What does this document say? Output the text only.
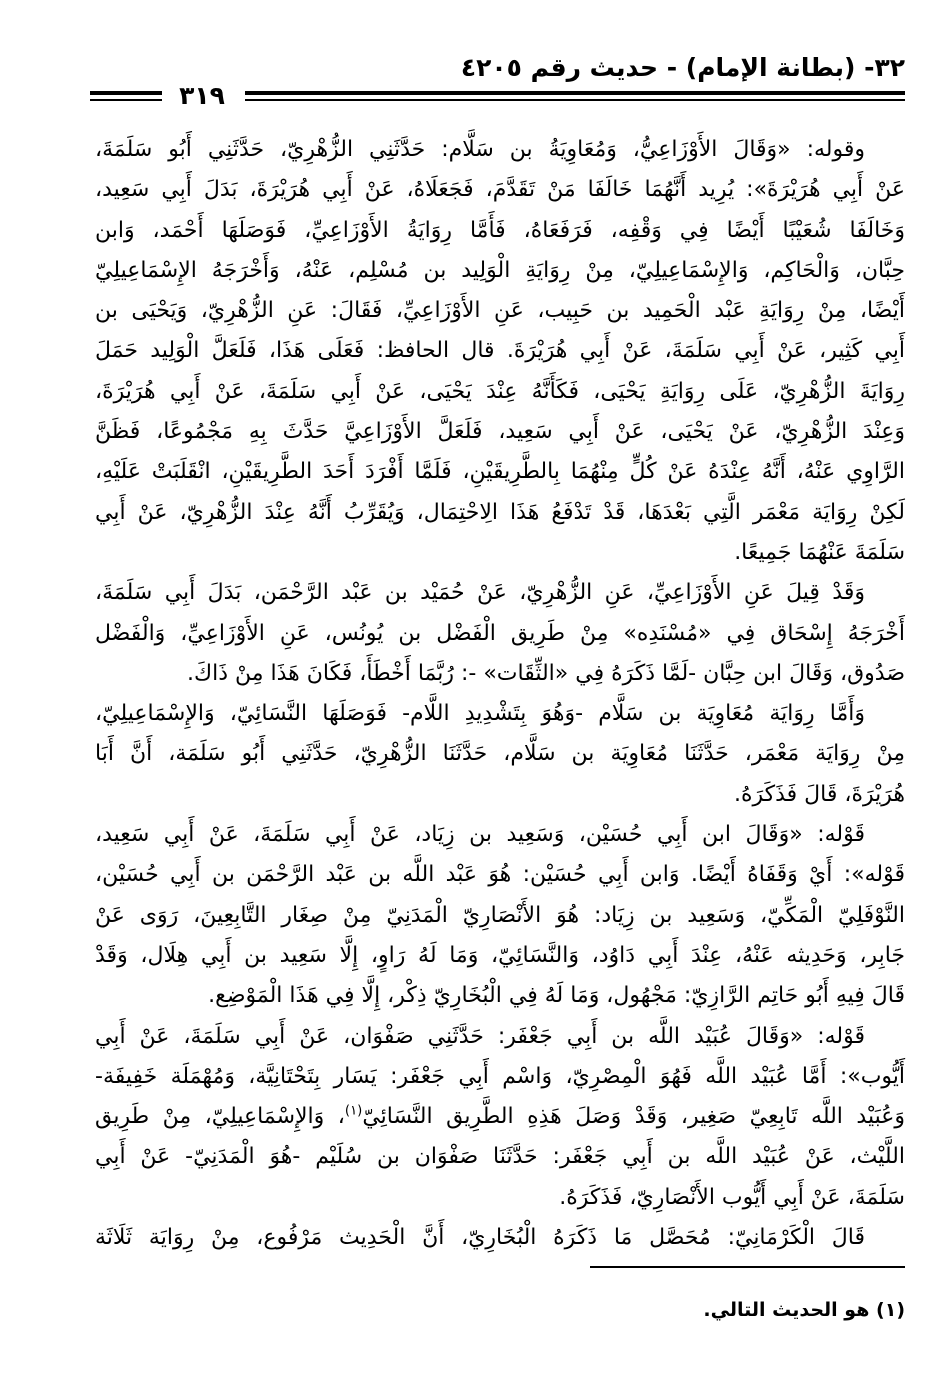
٣٢- (بطانة الإمام) - حديث رقم ٤٢٠٥
٣١٩
وقوله: «وَقَالَ الأَوْزَاعِيُّ، وَمُعَاوِيَةُ بن سَلَّام: حَدَّثَنِي الزُّهْرِيّ، حَدَّثَنِي أَبُو سَلَمَةَ،
عَنْ أَبِي هُرَيْرَةَ»: يُرِيد أَنَّهُمَا خَالَفَا مَنْ تَقَدَّمَ، فَجَعَلَاهُ، عَنْ أَبِي هُرَيْرَةَ، بَدَلَ أَبِي سَعِيد،
وَخَالَفَا شُعَيْبًا أَيْضًا فِي وَقْفِه، فَرَفَعَاهُ، فَأَمَّا رِوَايَةُ الأَوْزَاعِيِّ، فَوَصَلَهَا أَحْمَد، وَابن
حِبَّان، وَالْحَاكِم، وَالإِسْمَاعِيلِيّ، مِنْ رِوَايَةِ الْوَلِيد بن مُسْلِم، عَنْهُ، وَأَخْرَجَهُ الإِسْمَاعِيلِيّ
أَيْضًا، مِنْ رِوَايَةِ عَبْد الْحَمِيد بن حَبِيب، عَنِ الأَوْزَاعِيِّ، فَقَالَ: عَنِ الزُّهْرِيّ، وَيَحْيَى بن
أَبِي كَثِير، عَنْ أَبِي سَلَمَةَ، عَنْ أَبِي هُرَيْرَةَ. قال الحافظ: فَعَلَى هَذَا، فَلَعَلَّ الْوَلِيد حَمَلَ
رِوَايَةَ الزُّهْرِيّ، عَلَى رِوَايَةِ يَحْيَى، فَكَأَنَّهُ عِنْدَ يَحْيَى، عَنْ أَبِي سَلَمَةَ، عَنْ أَبِي هُرَيْرَةَ،
وَعِنْدَ الزُّهْرِيّ، عَنْ يَحْيَى، عَنْ أَبِي سَعِيد، فَلَعَلَّ الأَوْزَاعِيَّ حَدَّثَ بِهِ مَجْمُوعًا، فَظَنَّ
الرَّاوِي عَنْهُ، أَنَّهُ عِنْدَهُ عَنْ كُلٍّ مِنْهُمَا بِالطَّرِيقَيْنِ، فَلَمَّا أَفْرَدَ أَحَدَ الطَّرِيقَيْنِ، انْقَلَبَتْ عَلَيْهِ،
لَكِنْ رِوَايَة مَعْمَر الَّتِي بَعْدَهَا، قَدْ تَدْفَعُ هَذَا الِاحْتِمَال، وَيُقَرِّبُ أَنَّهُ عِنْدَ الزُّهْرِيّ، عَنْ أَبِي
سَلَمَةَ عَنْهُمَا جَمِيعًا.
وَقَدْ قِيلَ عَنِ الأَوْزَاعِيِّ، عَنِ الزُّهْرِيّ، عَنْ حُمَيْد بن عَبْد الرَّحْمَن، بَدَلَ أَبِي سَلَمَةَ،
أَخْرَجَهُ إِسْحَاق فِي «مُسْنَدِه» مِنْ طَرِيق الْفَضْل بن يُونُس، عَنِ الأَوْزَاعِيِّ، وَالْفَضْل
صَدُوق، وَقَالَ ابن حِبَّان -لَمَّا ذَكَرَهُ فِي «الثِّقَات» -: رُبَّمَا أَخْطَأَ، فَكَانَ هَذَا مِنْ ذَاكَ.
وَأَمَّا رِوَايَة مُعَاوِيَة بن سَلَّام -وَهُوَ بِتَشْدِيدِ اللَّام- فَوَصَلَهَا النَّسَائِيّ، وَالإِسْمَاعِيلِيّ،
مِنْ رِوَايَة مَعْمَر، حَدَّثَنَا مُعَاوِيَة بن سَلَّام، حَدَّثَنَا الزُّهْرِيّ، حَدَّثَنِي أَبُو سَلَمَة، أَنَّ أَبَا
هُرَيْرَةَ، قَالَ فَذَكَرَهُ.
قَوْله: «وَقَالَ ابن أَبِي حُسَيْن، وَسَعِيد بن زِيَاد، عَنْ أَبِي سَلَمَةَ، عَنْ أَبِي سَعِيد،
قَوْله»: أَيْ وَقَفَاهُ أَيْضًا. وَابن أَبِي حُسَيْن: هُوَ عَبْد اللَّه بن عَبْد الرَّحْمَن بن أَبِي حُسَيْن،
النَّوْفَلِيّ الْمَكِّيّ، وَسَعِيد بن زِيَاد: هُوَ الأَنْصَارِيّ الْمَدَنِيّ مِنْ صِغَار التَّابِعِينَ، رَوَى عَنْ
جَابِر، وَحَدِيثه عَنْهُ، عِنْدَ أَبِي دَاوُد، وَالنَّسَائِيّ، وَمَا لَهُ رَاوٍ، إِلَّا سَعِيد بن أَبِي هِلَال، وَقَدْ
قَالَ فِيهِ أَبُو حَاتِم الرَّازِيّ: مَجْهُول، وَمَا لَهُ فِي الْبُخَارِيّ ذِكْر، إِلَّا فِي هَذَا الْمَوْضِع.
قَوْله: «وَقَالَ عُبَيْد اللَّه بن أَبِي جَعْفَر: حَدَّثَنِي صَفْوَان، عَنْ أَبِي سَلَمَةَ، عَنْ أَبِي
أَيُّوب»: أَمَّا عُبَيْد اللَّه فَهُوَ الْمِصْرِيّ، وَاسْم أَبِي جَعْفَر: يَسَار بِتَحْتَانِيَّة، وَمُهْمَلَة خَفِيفَة-
وَعُبَيْد اللَّه تَابِعِيّ صَغِير، وَقَدْ وَصَلَ هَذِهِ الطَّرِيق النَّسَائِيّ$^{(١)}$، وَالإِسْمَاعِيلِيّ، مِنْ طَرِيق
اللَّيْث، عَنْ عُبَيْد اللَّه بن أَبِي جَعْفَر: حَدَّثَنَا صَفْوَان بن سُلَيْم -هُوَ الْمَدَنِيّ- عَنْ أَبِي
سَلَمَةَ، عَنْ أَبِي أَيُّوب الأَنْصَارِيّ، فَذَكَرَهُ.
قَالَ الْكَرْمَانِيّ: مُحَصَّل مَا ذَكَرَهُ الْبُخَارِيّ، أَنَّ الْحَدِيث مَرْفُوع، مِنْ رِوَايَة ثَلَاثَة
(١) هو الحديث التالي.
